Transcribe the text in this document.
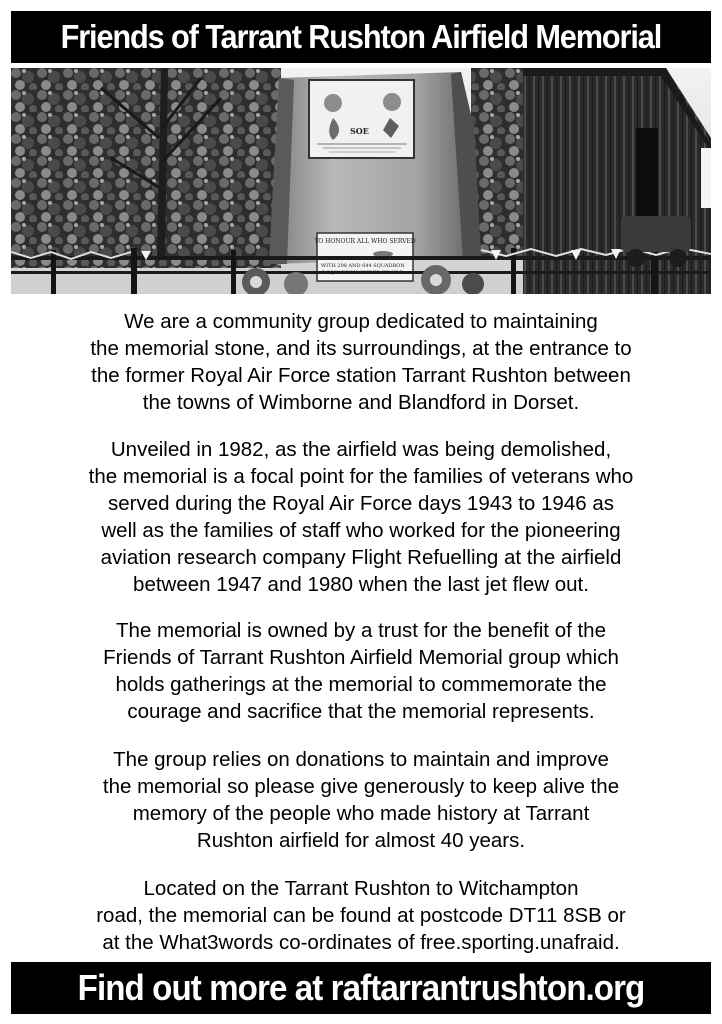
Friends of Tarrant Rushton Airfield Memorial
SOE
TO HONOUR ALL WHO SERVED
WITH 298 AND 644 SQUADRON
We are a community group dedicated to maintaining
the memorial stone, and its surroundings, at the entrance to
the former Royal Air Force station Tarrant Rushton between
the towns of Wimborne and Blandford in Dorset.
Unveiled in 1982, as the airfield was being demolished,
the memorial is a focal point for the families of veterans who
served during the Royal Air Force days 1943 to 1946 as
well as the families of staff who worked for the pioneering
aviation research company Flight Refuelling at the airfield
between 1947 and 1980 when the last jet flew out.
The memorial is owned by a trust for the benefit of the
Friends of Tarrant Rushton Airfield Memorial group which
holds gatherings at the memorial to commemorate the
courage and sacrifice that the memorial represents.
The group relies on donations to maintain and improve
the memorial so please give generously to keep alive the
memory of the people who made history at Tarrant
Rushton airfield for almost 40 years.
Located on the Tarrant Rushton to Witchampton
road, the memorial can be found at postcode DT11 8SB or
at the What3words co-ordinates of free.sporting.unafraid.
Find out more at raftarrantrushton.org
